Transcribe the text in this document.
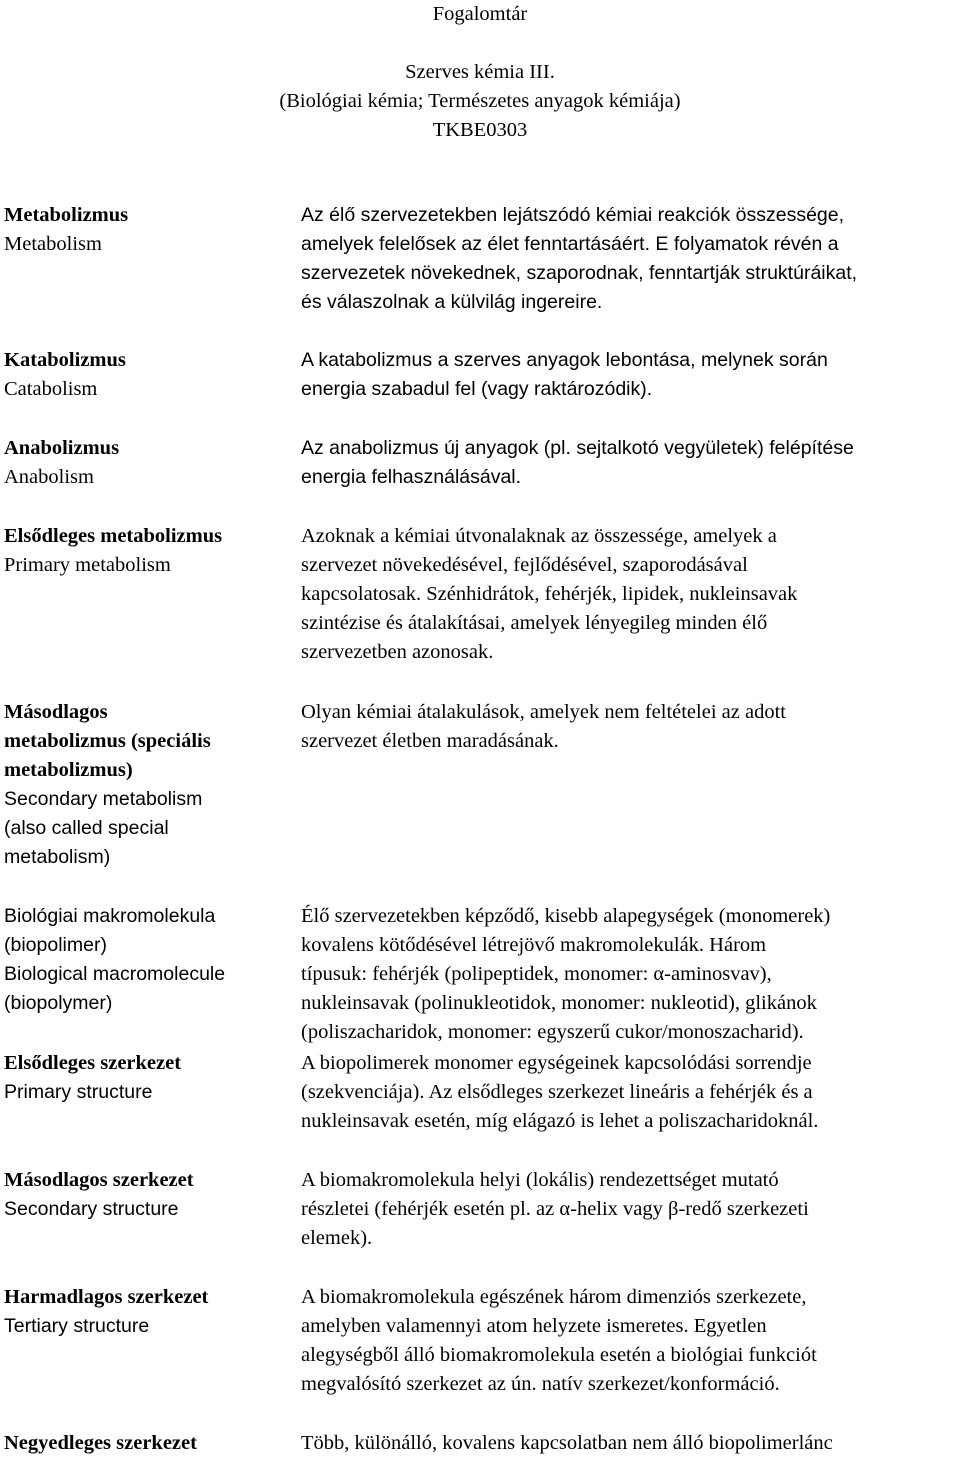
Fogalomtár
Szerves kémia III.
(Biológiai kémia; Természetes anyagok kémiája)
TKBE0303
Metabolizmus
Metabolism
Az élő szervezetekben lejátszódó kémiai reakciók összessége,
amelyek felelősek az élet fenntartásáért. E folyamatok révén a
szervezetek növekednek, szaporodnak, fenntartják struktúráikat,
és válaszolnak a külvilág ingereire.
Katabolizmus
Catabolism
A katabolizmus a szerves anyagok lebontása, melynek során
energia szabadul fel (vagy raktározódik).
Anabolizmus
Anabolism
Az anabolizmus új anyagok (pl. sejtalkotó vegyületek) felépítése
energia felhasználásával.
Elsődleges metabolizmus
Primary metabolism
Azoknak a kémiai útvonalaknak az összessége, amelyek a
szervezet növekedésével, fejlődésével, szaporodásával
kapcsolatosak. Szénhidrátok, fehérjék, lipidek, nukleinsavak
szintézise és átalakításai, amelyek lényegileg minden élő
szervezetben azonosak.
Másodlagos
metabolizmus (speciális
metabolizmus)
Secondary metabolism
(also called special
metabolism)
Olyan kémiai átalakulások, amelyek nem feltételei az adott
szervezet életben maradásának.
Biológiai makromolekula
(biopolimer)
Biological macromolecule
(biopolymer)
Élő szervezetekben képződő, kisebb alapegységek (monomerek)
kovalens kötődésével létrejövő makromolekulák. Három
típusuk: fehérjék (polipeptidek, monomer: α-aminosvav),
nukleinsavak (polinukleotidok, monomer: nukleotid), glikánok
(poliszacharidok, monomer: egyszerű cukor/monoszacharid).
Elsődleges szerkezet
Primary structure
A biopolimerek monomer egységeinek kapcsolódási sorrendje
(szekvenciája). Az elsődleges szerkezet lineáris a fehérjék és a
nukleinsavak esetén, míg elágazó is lehet a poliszacharidoknál.
Másodlagos szerkezet
Secondary structure
A biomakromolekula helyi (lokális) rendezettséget mutató
részletei (fehérjék esetén pl. az α-helix vagy β-redő szerkezeti
elemek).
Harmadlagos szerkezet
Tertiary structure
A biomakromolekula egészének három dimenziós szerkezete,
amelyben valamennyi atom helyzete ismeretes. Egyetlen
alegységből álló biomakromolekula esetén a biológiai funkciót
megvalósító szerkezet az ún. natív szerkezet/konformáció.
Negyedleges szerkezet	Több, különálló, kovalens kapcsolatban nem álló biopolimerlánc
